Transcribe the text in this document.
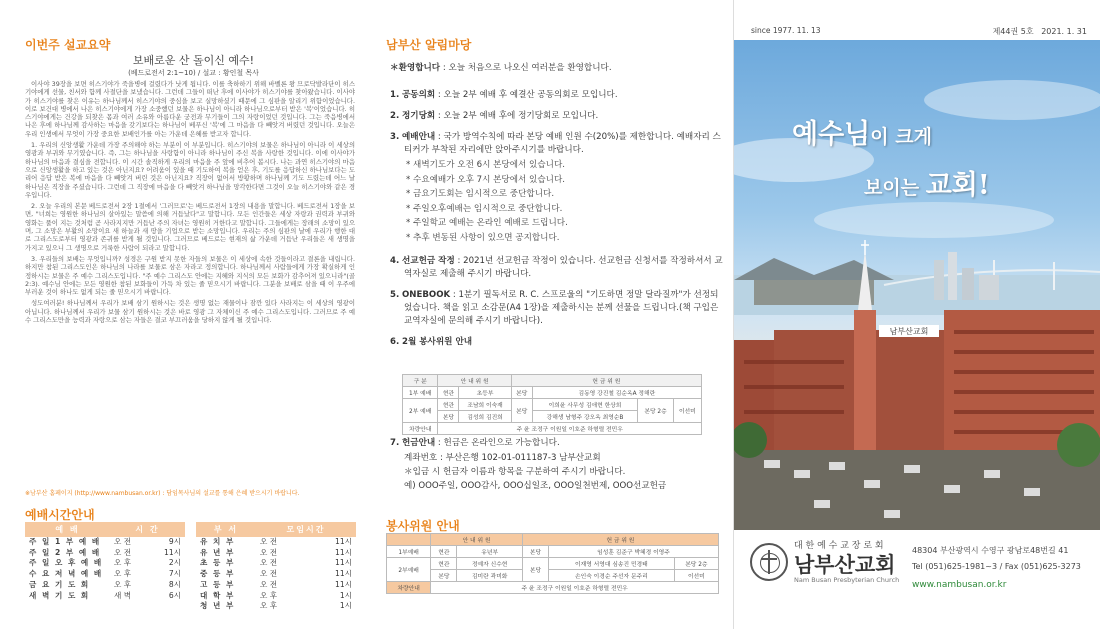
이번주 설교요약
보배로운 산 돌이신 예수!
(베드로전서 2:1~10) / 설교 : 황인철 목사

이사야 39장을 보면 히스기야가 죽을병에 걸렸다가 낫게 됩니다. 이를 축하하기 위해 바벨론 왕 므로닥발라단이 히스기야에게 선물, 친서와 함께 사절단을 보냈습니다. 그런데 그들이 떠난 후에 이사야가 히스기야를 찾아왔습니다. 이사야가 히스기야를 찾은 이유는 하나님께서 히스기야의 중심을 보고 실망하셨기 때문에 그 심판을 알리기 위함이었습니다. 이로 보건대 병에서 나은 히스기야에게 가장 소중했던 보물은 하나님이 아니라 하나님으로부터 받은 '복'이었습니다. 히스기야에게는 건강을 되찾은 몸과 여러 소유와 아름다운 궁전과 무기들이 그의 자랑이었던 것입니다. 그는 죽음병에서 나은 후에 하나님께 감사하는 마음을 갖기보다는 하나님이 베푸신 '복'에 그 마음을 다 빼앗겨 버렸던 것입니다. 오늘은 우리 인생에서 무엇이 가장 중요한 보배인가를 아는 가운데 은혜를 받고자 합니다.

1. 우리의 신앙생활 가운데 가장 주의해야 하는 부분이 이 부분입니다. 히스기야의 보물은 하나님이 아니라 이 세상의 영광과 부귀와 무기였습니다. 즉, 그는 하나님을 사랑함이 아니라 하나님이 주신 복을 사랑한 것입니다. 이에 이사야가 하나님의 마음과 결심을 전합니다. 이 시간 솔직하게 우리의 마음을 주 앞에 비추어 봅시다. 나는 과연 히스기야의 마음으로 신앙생활을 하고 있는 것은 아닌지요? 어려움이 있을 때 기도하여 복을 얻은 후, 기도를 응답하신 하나님보다는 도리어 응답 받은 복에 마음을 다 빼앗겨 버린 것은 아닌지요? 직장이 없어서 방황하며 하나님께 기도 드렸는데 어느 날 하나님은 직장을 주셨습니다. 그런데 그 직장에 마음을 다 빼앗겨 하나님을 망각한다면 그것이 오늘 히스기야와 같은 경우입니다.

2. 오늘 우리의 본문 베드로전서 2장 1절에서 '그러므로'는 베드로전서 1장의 내용을 말합니다. 베드로전서 1장을 보면, "너희는 영원한 하나님의 살아있는 말씀에 의해 거듭났다"고 말합니다. 모든 인간들은 세상 자랑과 권력과 부귀와 영화는 풀이 지는 것처럼 곧 사라지지만 거듭난 주의 자녀는 영원히 거한다고 말합니다. 그들에게는 장래의 소망이 있으며, 그 소망은 부활의 소망이요 새 하늘과 새 땅을 기업으로 받는 소망입니다. 우리는 주의 심판의 날에 우리가 행한 대로 그리스도로부터 영광과 존귀를 받게 될 것입니다. 그러므로 베드로는 현재의 삶 가운데 거듭난 우리들은 새 생명을 가지고 있으니 그 생명으로 거룩한 사람이 되라고 말합니다.

3. 우리들의 보배는 무엇입니까? 성경은 구원 받지 못한 자들의 보물은 이 세상에 속한 것들이라고 결론을 내립니다. 하지만 참된 그리스도인은 하나님의 나라를 보물로 삼은 자라고 정의합니다. 하나님께서 사람들에게 가장 확실하게 인정하시는 보물은 주 예수 그리스도입니다. "주 예수 그리스도 안에는 지혜와 지식의 모든 보화가 감추어져 있으니라"(골2:3). 예수님 안에는 모든 영원한 참된 보화들이 가득 차 있는 줄 믿으시기 바랍니다. 그분을 보배로 삼을 때 이 우주에 부러운 것이 하나도 없게 되는 줄 믿으시기 바랍니다.

성도여러분! 하나님께서 우리가 보배 삼기 원하시는 것은 생명 없는 재물이나 잠깐 있다 사라지는 이 세상의 영광이 아닙니다. 하나님께서 우리가 보물 삼기 원하시는 것은 바로 영광 그 자체이신 주 예수 그리스도입니다. 그러므로 주 예수 그리스도만을 능력과 자랑으로 삼는 자들은 결코 부끄러움을 당하지 않게 될 것입니다.

※남부산 홈페이지 (http://www.nambusan.or.kr) : 담임목사님의 설교를 통해 은혜 받으시기 바랍니다.
예배시간안내
예 배	시 간	
주 일 1 부 예 배	오 전	9시
주 일 2 부 예 배	오 전	11시
주 일 오 후 예 배	오 후	2시
수 요 저 녁 예 배	오 후	7시
금 요 기 도 회	오 후	8시
새 벽 기 도 회	새 벽	6시
부 서	모임시간	
유 치 부	오 전	11시
유 년 부	오 전	11시
초 등 부	오 전	11시
중 등 부	오 전	11시
고 등 부	오 전	11시
대 학 부	오 후	1시
청 년 부	오 후	1시
남부산 알림마당
＊환영합니다 : 오늘 처음으로 나오신 여러분을 환영합니다.
1. 공동의회 : 오늘 2부 예배 후 예결산 공동의회로 모입니다.
2. 정기당회 : 오늘 2부 예배 후에 정기당회로 모입니다.
3. 예배안내 : 국가 방역수칙에 따라 본당 예배 인원 수(20%)를 제한합니다. 예배자리 스티커가 부착된 자리에만 앉아주시기를 바랍니다.
* 새벽기도가 오전 6시 본당에서 있습니다.
* 수요예배가 오후 7시 본당에서 있습니다.
* 금요기도회는 임시적으로 중단합니다.
* 주일오후예배는 임시적으로 중단합니다.
* 주일학교 예배는 온라인 예배로 드립니다.
* 추후 변동된 사항이 있으면 공지합니다.
4. 선교헌금 작정 : 2021년 선교헌금 작정이 있습니다. 선교헌금 신청서를 작정하셔서 교역자실로 제출해 주시기 바랍니다.
5. ONEBOOK : 1분기 필독서로 R. C. 스프로울의 "기도하면 정말 달라질까"가 선정되었습니다. 책을 읽고 소감문(A4 1장)을 제출하시는 분께 선물을 드립니다.(책 구입은 교역자실에 문의해 주시기 바랍니다).
6. 2월 봉사위원 안내
구 분	안 내 위 원		헌 금 위 원			
1부 예배	현관	초등부	본당	김동영 강진철 김순옥A 정해란		
2부 예배	현관	조남희 이숙재	본당	이희윤 사무성 김애현 한상희	본당 2층	이선미
	본당	김성희 김진희		강해생 남형주 강오옥 최영순B		
차량안내	주 윤 조정구 이원일 이호준 하형렬 전민우					
7. 헌금안내 : 헌금은 온라인으로 가능합니다.
계좌번호 : 부산은행 102-01-011187-3 남부산교회
＊입금 시 헌금자 이름과 항목을 구분하여 주시기 바랍니다.
예) OOO주일, OOO감사, OOO십일조, OOO일천번제, OOO선교헌금
봉사위원 안내
	안 내 위 원		헌 금 위 원		
1부예배	현관	유년부	본당	임성훈 김준구 박혜경 이영주	
2부예배	현관	정예자 신수현	본당	이재영 서영대 심송진 민경태	본당 2층
	본당	김미란 곽미화		손인숙 이경순 주선자 문주리	이선미
차량안내	주 윤 조정구 이원일 이호준 하형렬 전민우				
since 1977. 11. 13	제44권 5호   2021. 1. 31
남부산교회
예수님이 크게
보이는 교회!
대 한 예 수 교 장 로 회
남부산교회
Nam Busan Presbyterian Church
48304 부산광역시 수영구 광남로48번길 41
Tel (051)625-1981~3 / Fax (051)625-3273
www.nambusan.or.kr
